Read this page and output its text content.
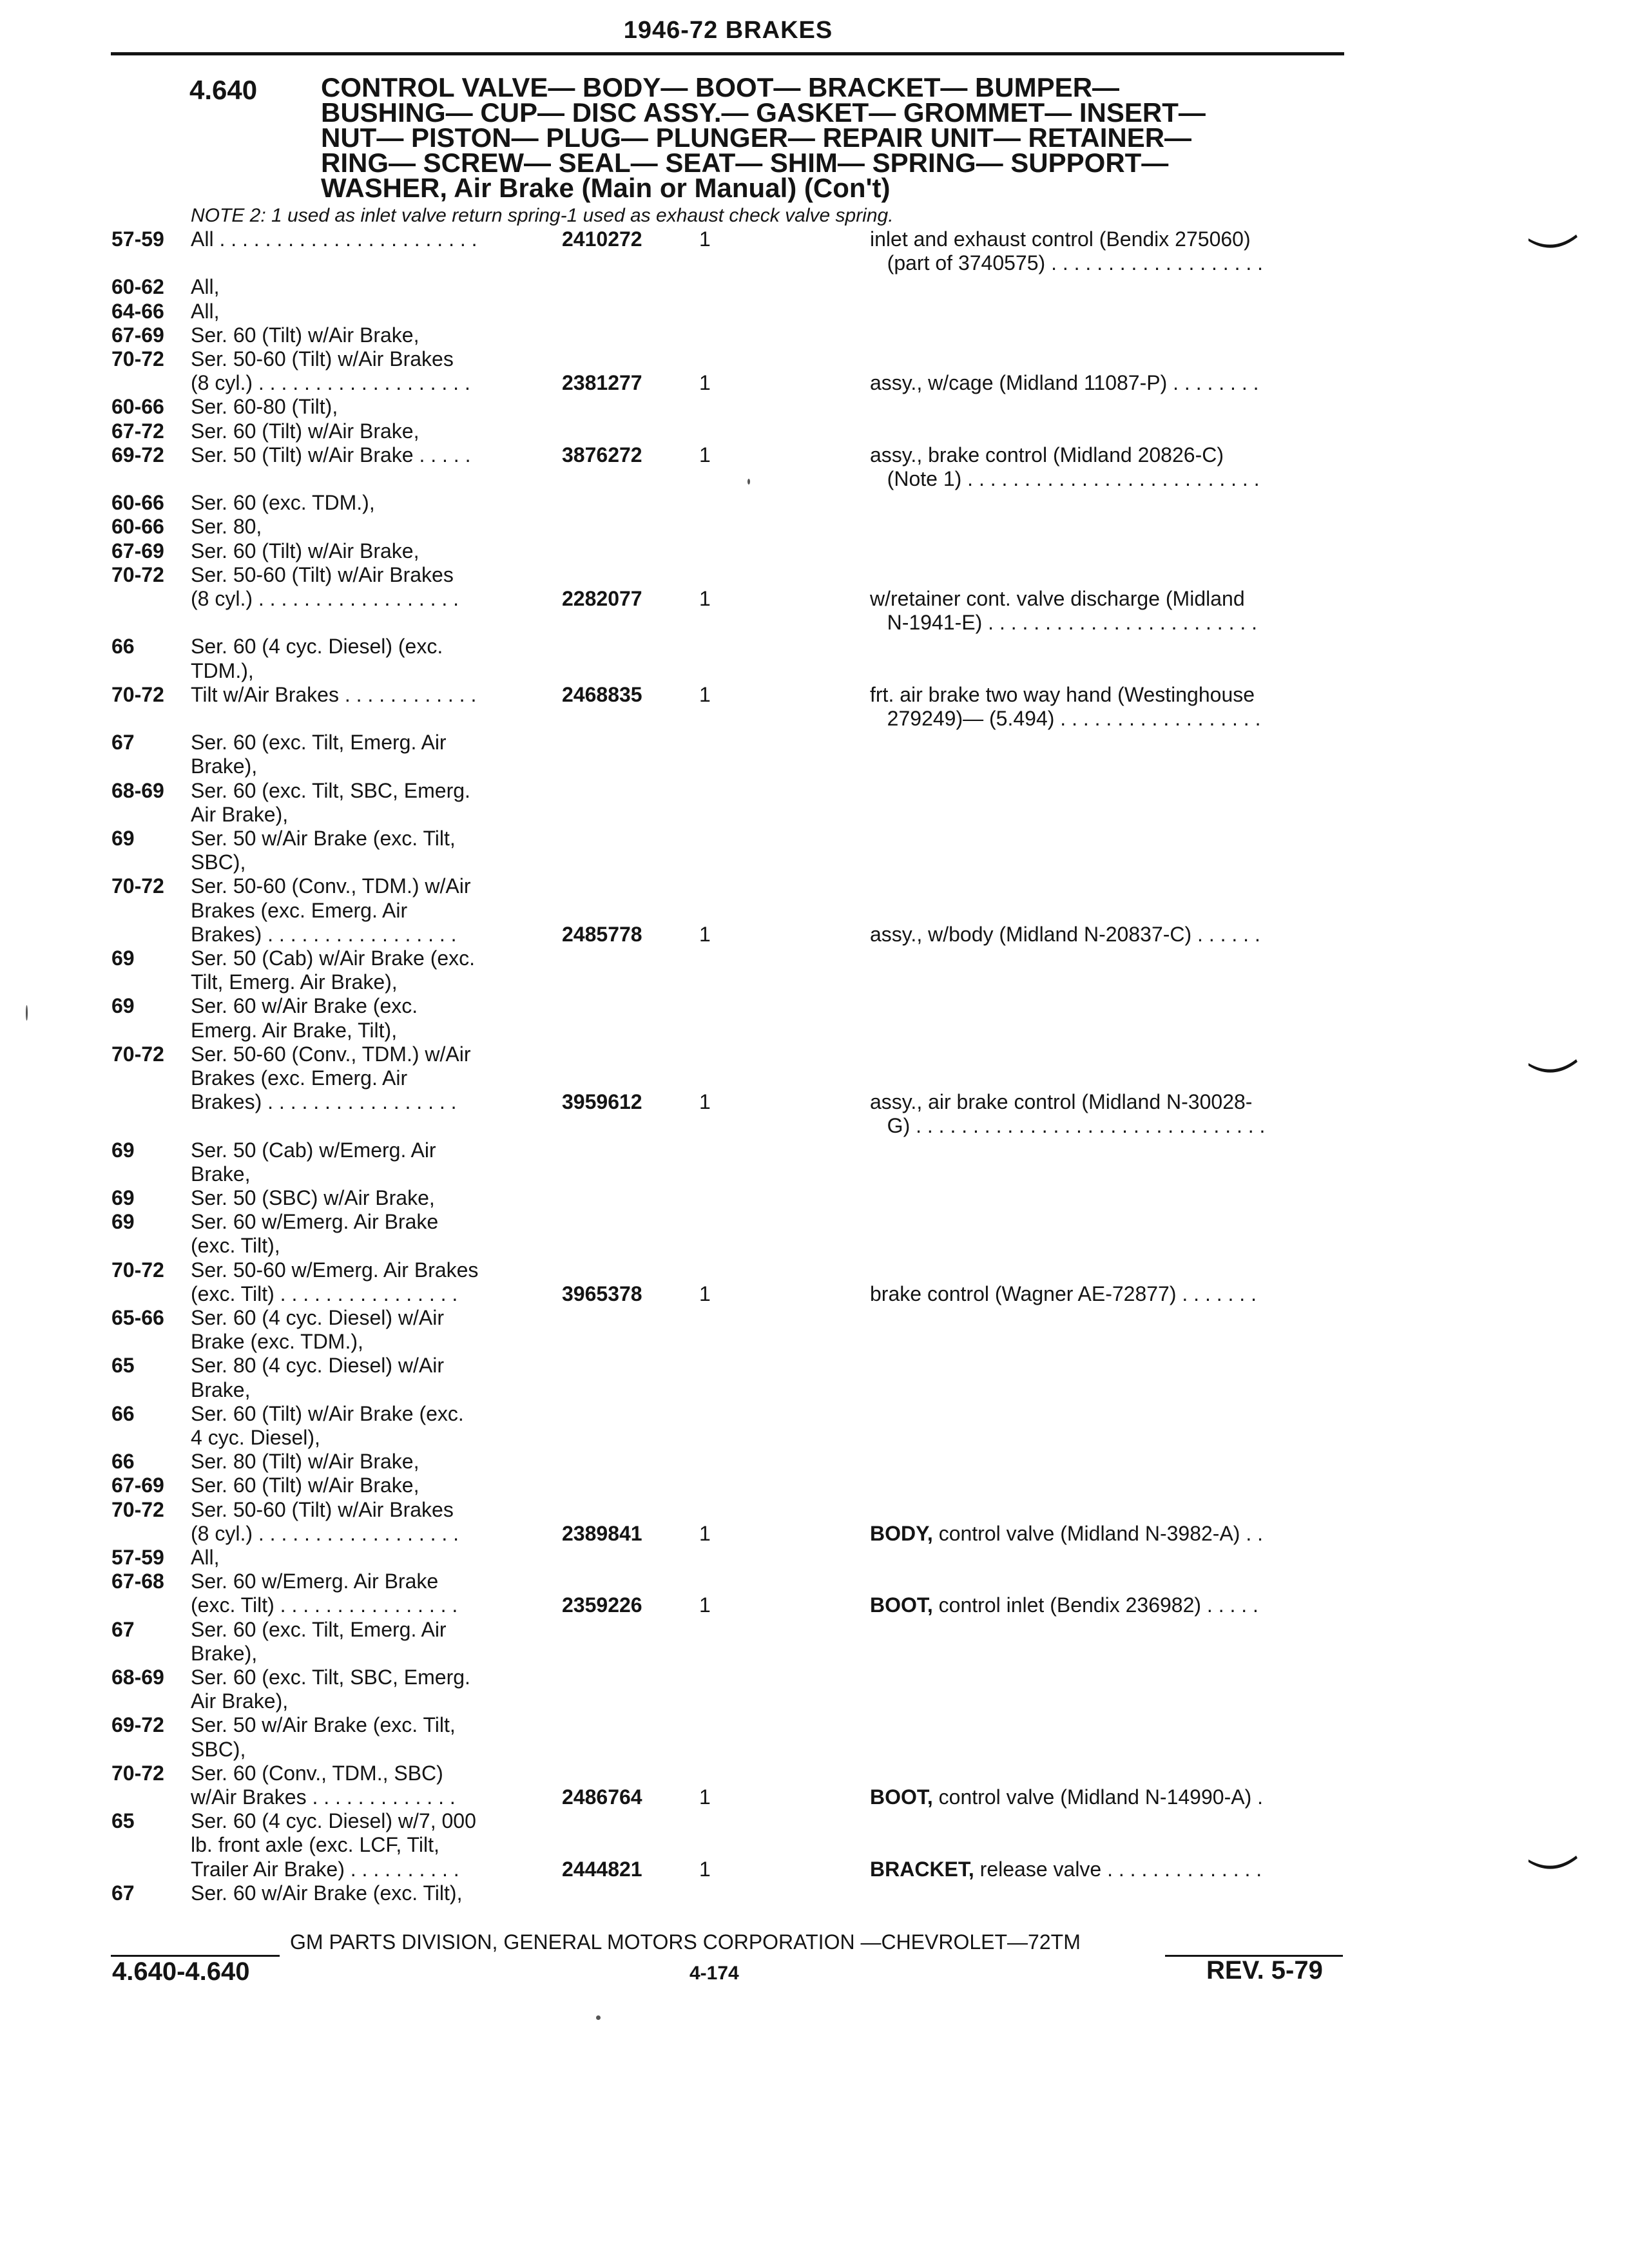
1946-72 BRAKES
4.640 CONTROL VALVE— BODY— BOOT— BRACKET— BUMPER—
BUSHING— CUP— DISC ASSY.— GASKET— GROMMET— INSERT—
NUT— PISTON— PLUG— PLUNGER— REPAIR UNIT— RETAINER—
RING— SCREW— SEAL— SEAT— SHIM— SPRING— SUPPORT—
WASHER, Air Brake (Main or Manual) (Con't)
NOTE 2: 1 used as inlet valve return spring-1 used as exhaust check valve spring.
57-59 All . . . . . . . . . . . . . . . . . . . . . . .	2410272	1	inlet and exhaust control (Bendix 275060)
(part of 3740575) . . . . . . . . . . . . . . . . . . .
60-62 All,
64-66 All,
67-69 Ser. 60 (Tilt) w/Air Brake,
70-72 Ser. 50-60 (Tilt) w/Air Brakes
(8 cyl.) . . . . . . . . . . . . . . . . . . .	2381277	1	assy., w/cage (Midland 11087-P) . . . . . . . .
60-66 Ser. 60-80 (Tilt),
67-72 Ser. 60 (Tilt) w/Air Brake,
69-72 Ser. 50 (Tilt) w/Air Brake . . . . .	3876272	1	assy., brake control (Midland 20826-C)
(Note 1) . . . . . . . . . . . . . . . . . . . . . . . . . .
60-66 Ser. 60 (exc. TDM.),
60-66 Ser. 80,
67-69 Ser. 60 (Tilt) w/Air Brake,
70-72 Ser. 50-60 (Tilt) w/Air Brakes
(8 cyl.) . . . . . . . . . . . . . . . . . .	2282077	1	w/retainer cont. valve discharge (Midland
N-1941-E) . . . . . . . . . . . . . . . . . . . . . . . .
66	Ser. 60 (4 cyc. Diesel) (exc.
TDM.),
70-72 Tilt w/Air Brakes . . . . . . . . . . . .	2468835	1	frt. air brake two way hand (Westinghouse
279249)— (5.494) . . . . . . . . . . . . . . . . . .
67	Ser. 60 (exc. Tilt, Emerg. Air
Brake),
68-69 Ser. 60 (exc. Tilt, SBC, Emerg.
Air Brake),
69	Ser. 50 w/Air Brake (exc. Tilt,
SBC),
70-72 Ser. 50-60 (Conv., TDM.) w/Air
Brakes (exc. Emerg. Air
Brakes) . . . . . . . . . . . . . . . . .	2485778	1	assy., w/body (Midland N-20837-C) . . . . . .
69	Ser. 50 (Cab) w/Air Brake (exc.
Tilt, Emerg. Air Brake),
69	Ser. 60 w/Air Brake (exc.
Emerg. Air Brake, Tilt),
70-72 Ser. 50-60 (Conv., TDM.) w/Air
Brakes (exc. Emerg. Air
Brakes) . . . . . . . . . . . . . . . . .	3959612	1	assy., air brake control (Midland N-30028-
G) . . . . . . . . . . . . . . . . . . . . . . . . . . . . . . .
69	Ser. 50 (Cab) w/Emerg. Air
Brake,
69	Ser. 50 (SBC) w/Air Brake,
69	Ser. 60 w/Emerg. Air Brake
(exc. Tilt),
70-72 Ser. 50-60 w/Emerg. Air Brakes
(exc. Tilt) . . . . . . . . . . . . . . . .	3965378	1	brake control (Wagner AE-72877) . . . . . . .
65-66 Ser. 60 (4 cyc. Diesel) w/Air
Brake (exc. TDM.),
65	Ser. 80 (4 cyc. Diesel) w/Air
Brake,
66	Ser. 60 (Tilt) w/Air Brake (exc.
4 cyc. Diesel),
66	Ser. 80 (Tilt) w/Air Brake,
67-69 Ser. 60 (Tilt) w/Air Brake,
70-72 Ser. 50-60 (Tilt) w/Air Brakes
(8 cyl.) . . . . . . . . . . . . . . . . . .	2389841	1	BODY, control valve (Midland N-3982-A) . .
57-59 All,
67-68 Ser. 60 w/Emerg. Air Brake
(exc. Tilt) . . . . . . . . . . . . . . . .	2359226	1	BOOT, control inlet (Bendix 236982) . . . . .
67	Ser. 60 (exc. Tilt, Emerg. Air
Brake),
68-69 Ser. 60 (exc. Tilt, SBC, Emerg.
Air Brake),
69-72 Ser. 50 w/Air Brake (exc. Tilt,
SBC),
70-72 Ser. 60 (Conv., TDM., SBC)
w/Air Brakes . . . . . . . . . . . . .	2486764	1	BOOT, control valve (Midland N-14990-A) .
65	Ser. 60 (4 cyc. Diesel) w/7, 000
lb. front axle (exc. LCF, Tilt,
Trailer Air Brake) . . . . . . . . . .	2444821	1	BRACKET, release valve . . . . . . . . . . . . . .
67	Ser. 60 w/Air Brake (exc. Tilt),
GM PARTS DIVISION, GENERAL MOTORS CORPORATION —CHEVROLET—72TM
4.640-4.640	4-174	REV. 5-79
